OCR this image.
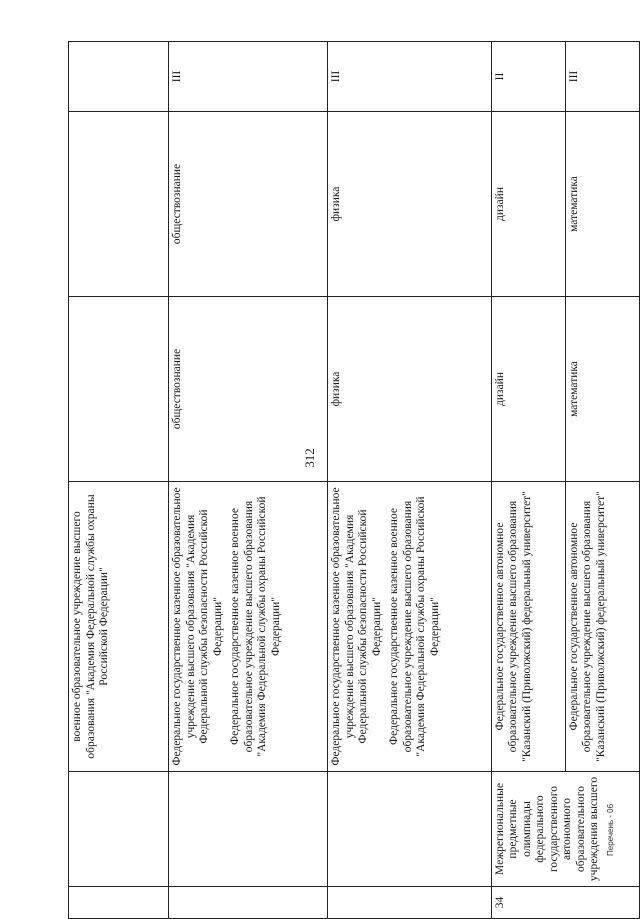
312

		военное образовательное учреждение высшего образования "Академия Федеральной службы охраны Российской Федерации"			

		Федеральное государственное казенное образовательное учреждение высшего образования "Академия Федеральной службы безопасности Российской Федерации" Федеральное государственное казенное военное образовательное учреждение высшего образования "Академия Федеральной службы охраны Российской Федерации"	обществознание	обществознание	III

		Федеральное государственное казенное образовательное учреждение высшего образования "Академия Федеральной службы безопасности Российской Федерации" Федеральное государственное казенное военное образовательное учреждение высшего образования "Академия Федеральной службы охраны Российской Федерации"	физика	физика	III
34	Межрегиональные предметные олимпиады федерального государственного автономного образовательного учреждения высшего	Федеральное государственное автономное образовательное учреждение высшего образования "Казанский (Приволжский) федеральный университет"	дизайн	дизайн	II

		Федеральное государственное автономное образовательное учреждение высшего образования "Казанский (Приволжский) федеральный университет"	математика	математика	III
Перечень - 06
